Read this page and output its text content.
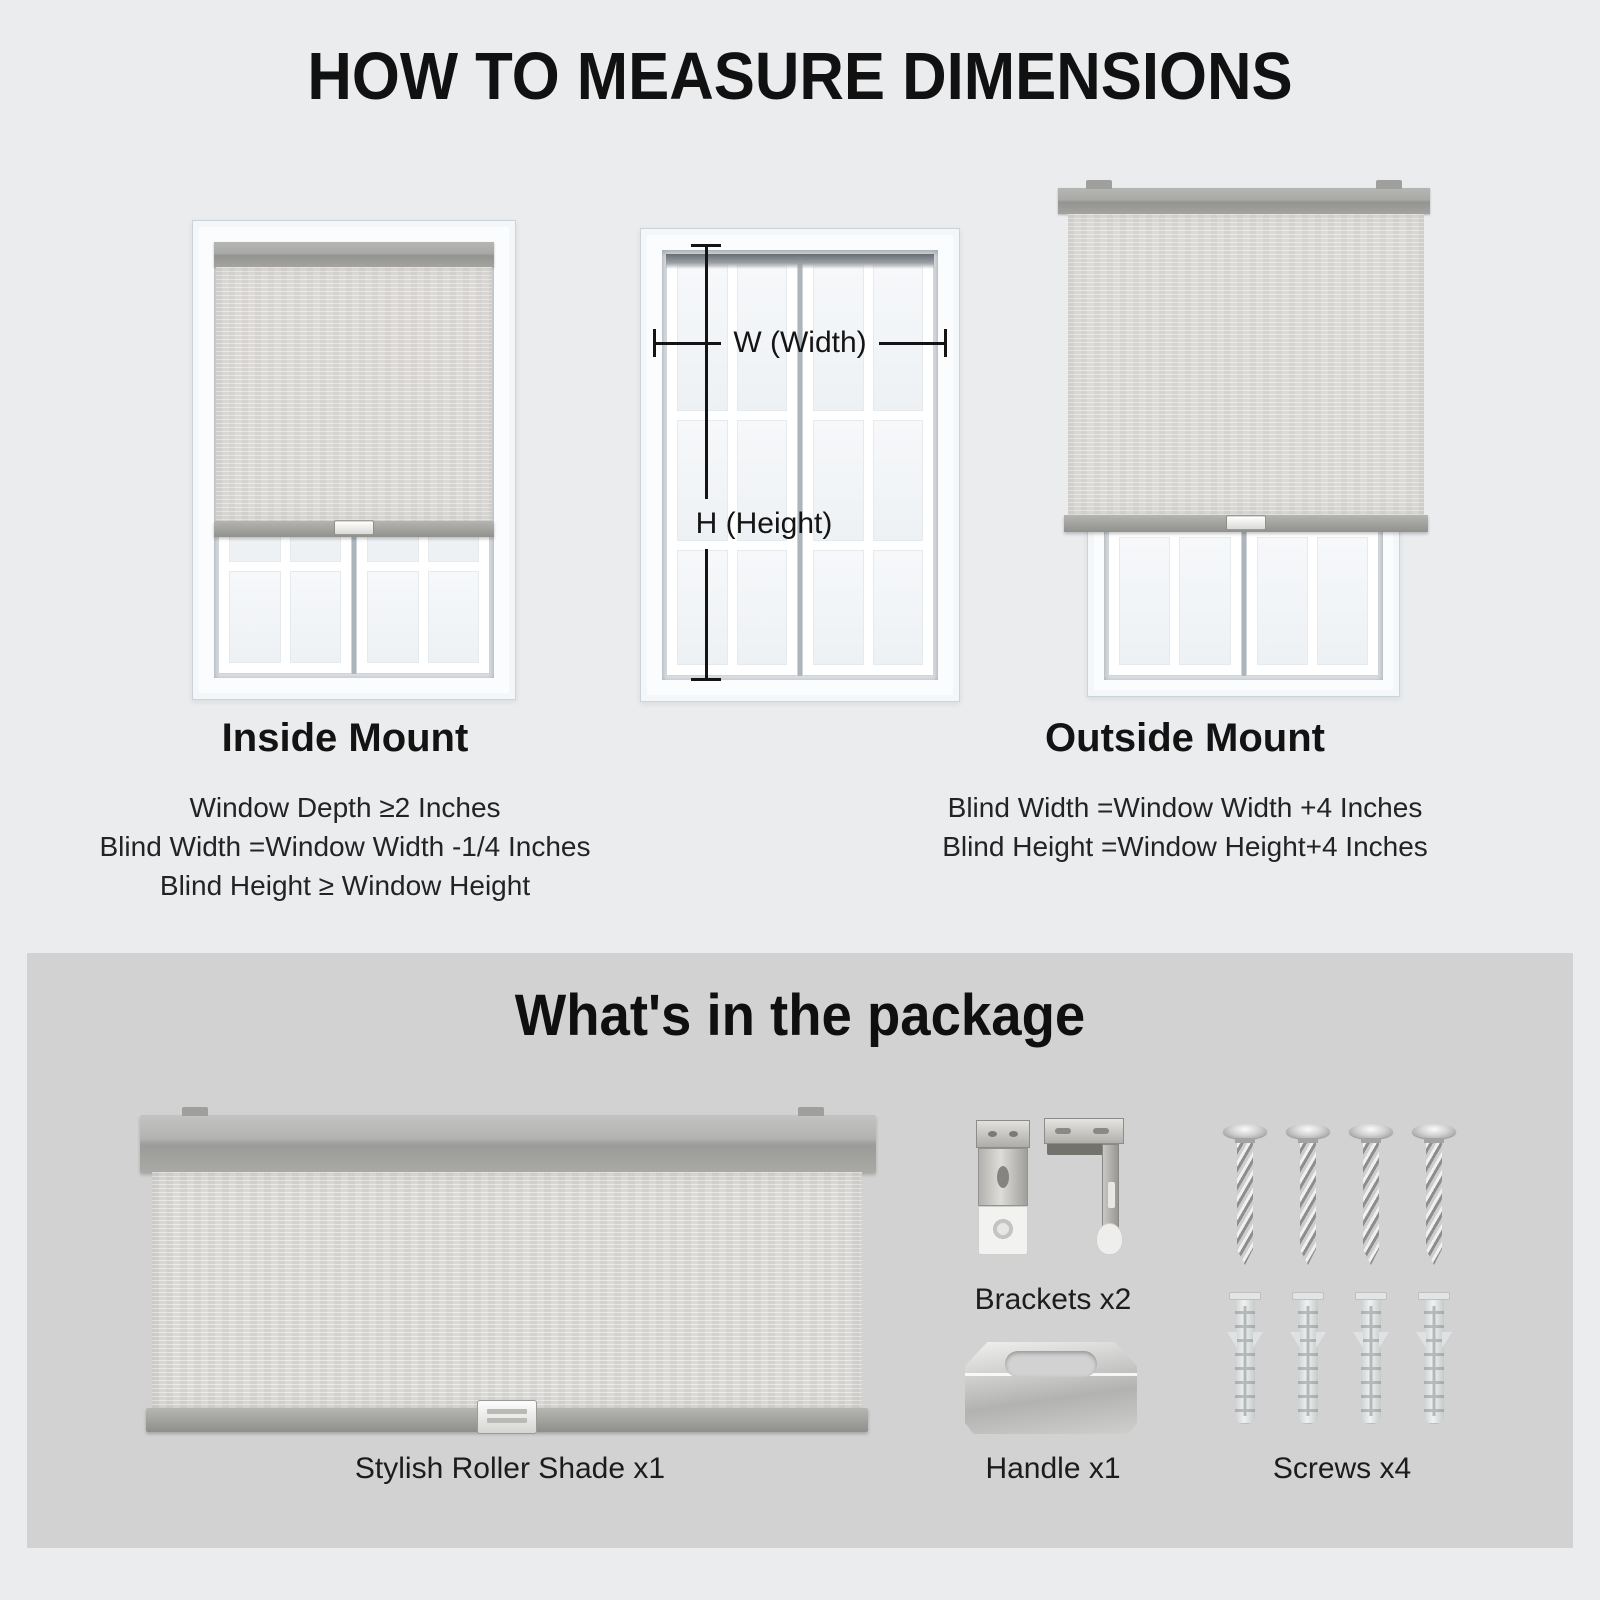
HOW TO MEASURE DIMENSIONS
W (Width)
H (Height)
Inside Mount
Window Depth ≥2 Inches
Blind Width =Window Width -1/4 Inches
Blind Height ≥ Window Height
Outside Mount
Blind Width =Window Width +4 Inches
Blind Height =Window Height+4 Inches
What's in the package
Stylish Roller Shade x1
Brackets x2
Handle x1	Screws x4
